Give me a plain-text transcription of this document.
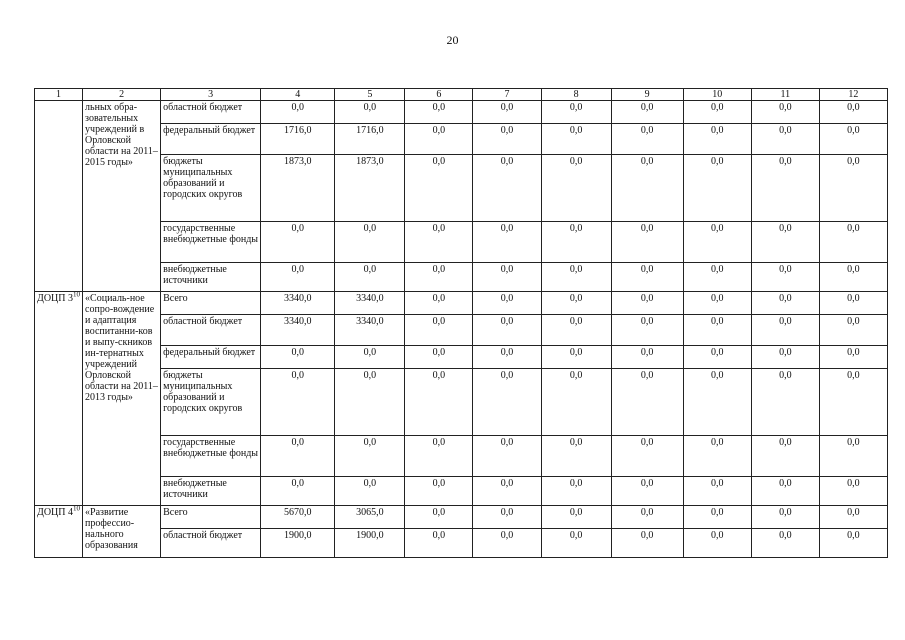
20
1	2	3	4	5	6	7	8	9	10	11	12
	льных обра-зовательных учреждений в Орловской области на 2011–2015 годы»	областной бюджет	0,0	0,0	0,0	0,0	0,0	0,0	0,0	0,0	0,0
		федеральный бюджет	1716,0	1716,0	0,0	0,0	0,0	0,0	0,0	0,0	0,0
		бюджеты муниципальных образований и городских округов	1873,0	1873,0	0,0	0,0	0,0	0,0	0,0	0,0	0,0
		государственные внебюджетные фонды	0,0	0,0	0,0	0,0	0,0	0,0	0,0	0,0	0,0
		внебюджетные источники	0,0	0,0	0,0	0,0	0,0	0,0	0,0	0,0	0,0
ДОЦП $3^{10}$	«Социаль-ное сопро-вождение и адаптация воспитанни-ков и выпу-скников ин-тернатных учреждений Орловской области на 2011–2013 годы»	Всего	3340,0	3340,0	0,0	0,0	0,0	0,0	0,0	0,0	0,0
		областной бюджет	3340,0	3340,0	0,0	0,0	0,0	0,0	0,0	0,0	0,0
		федеральный бюджет	0,0	0,0	0,0	0,0	0,0	0,0	0,0	0,0	0,0
		бюджеты муниципальных образований и городских округов	0,0	0,0	0,0	0,0	0,0	0,0	0,0	0,0	0,0
		государственные внебюджетные фонды	0,0	0,0	0,0	0,0	0,0	0,0	0,0	0,0	0,0
		внебюджетные источники	0,0	0,0	0,0	0,0	0,0	0,0	0,0	0,0	0,0
ДОЦП $4^{10}$	«Развитие профессио-нального образования	Всего	5670,0	3065,0	0,0	0,0	0,0	0,0	0,0	0,0	0,0
		областной бюджет	1900,0	1900,0	0,0	0,0	0,0	0,0	0,0	0,0	0,0
